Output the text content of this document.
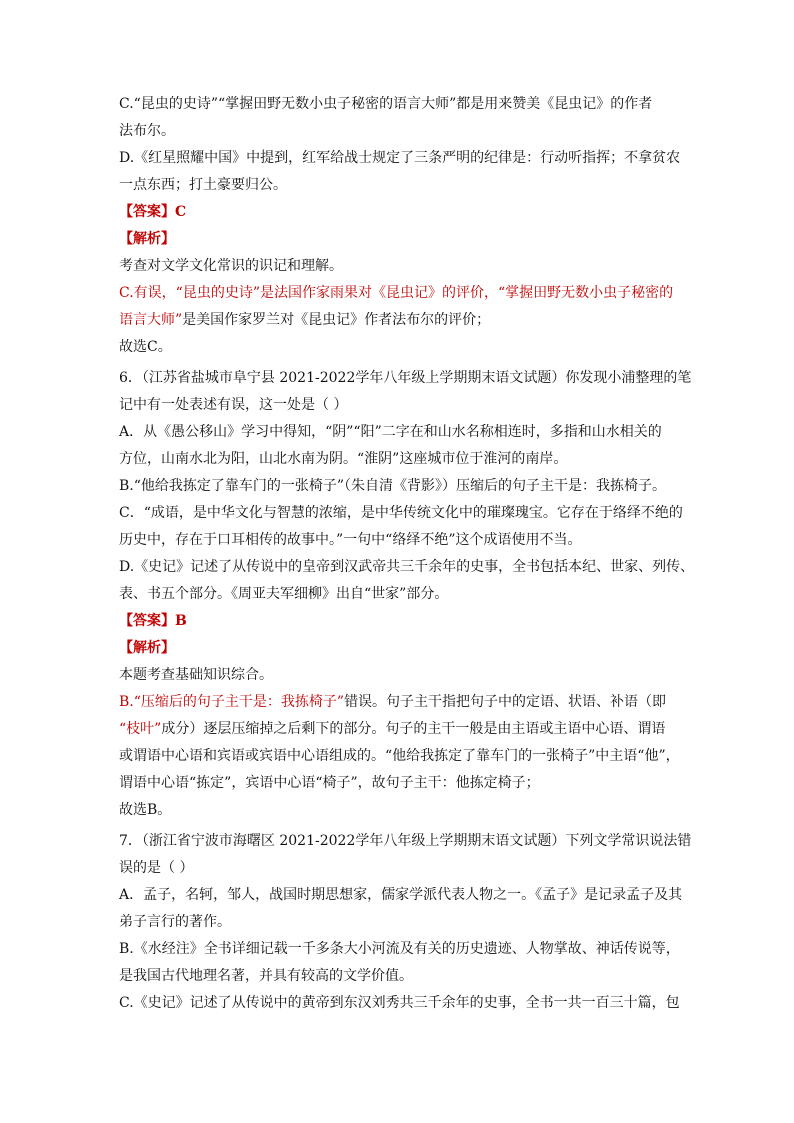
C.“昆虫的史诗”“掌握田野无数小虫子秘密的语言大师”都是用来赞美《昆虫记》的作者
法布尔。
D.《红星照耀中国》中提到，红军给战士规定了三条严明的纪律是：行动听指挥；不拿贫农
一点东西；打土豪要归公。
【答案】C
【解析】
考查对文学文化常识的识记和理解。
C.有误，“昆虫的史诗”是法国作家雨果对《昆虫记》的评价，“掌握田野无数小虫子秘密的
语言大师”是美国作家罗兰对《昆虫记》作者法布尔的评价；
故选C。
6．（江苏省盐城市阜宁县 2021-2022学年八年级上学期期末语文试题）你发现小浦整理的笔
记中有一处表述有误，这一处是（ ）
A．从《愚公移山》学习中得知，“阴”“阳”二字在和山水名称相连时，多指和山水相关的
方位，山南水北为阳，山北水南为阴。“淮阴”这座城市位于淮河的南岸。
B.“他给我拣定了靠车门的一张椅子”（朱自清《背影》）压缩后的句子主干是：我拣椅子。
C．“成语，是中华文化与智慧的浓缩，是中华传统文化中的璀璨瑰宝。它存在于络绎不绝的
历史中，存在于口耳相传的故事中。”一句中“络绎不绝”这个成语使用不当。
D.《史记》记述了从传说中的皇帝到汉武帝共三千余年的史事，全书包括本纪、世家、列传、
表、书五个部分。《周亚夫军细柳》出自“世家”部分。
【答案】B
【解析】
本题考查基础知识综合。
B.“压缩后的句子主干是：我拣椅子”错误。句子主干指把句子中的定语、状语、补语（即
“枝叶”成分）逐层压缩掉之后剩下的部分。句子的主干一般是由主语或主语中心语、谓语
或谓语中心语和宾语或宾语中心语组成的。“他给我拣定了靠车门的一张椅子”中主语“他”，
谓语中心语“拣定”，宾语中心语“椅子”，故句子主干：他拣定椅子；
故选B。
7．（浙江省宁波市海曙区 2021-2022学年八年级上学期期末语文试题）下列文学常识说法错
误的是（ ）
A．孟子，名轲，邹人，战国时期思想家，儒家学派代表人物之一。《孟子》是记录孟子及其
弟子言行的著作。
B.《水经注》全书详细记载一千多条大小河流及有关的历史遗迹、人物掌故、神话传说等，
是我国古代地理名著，并具有较高的文学价值。
C.《史记》记述了从传说中的黄帝到东汉刘秀共三千余年的史事，全书一共一百三十篇，包
